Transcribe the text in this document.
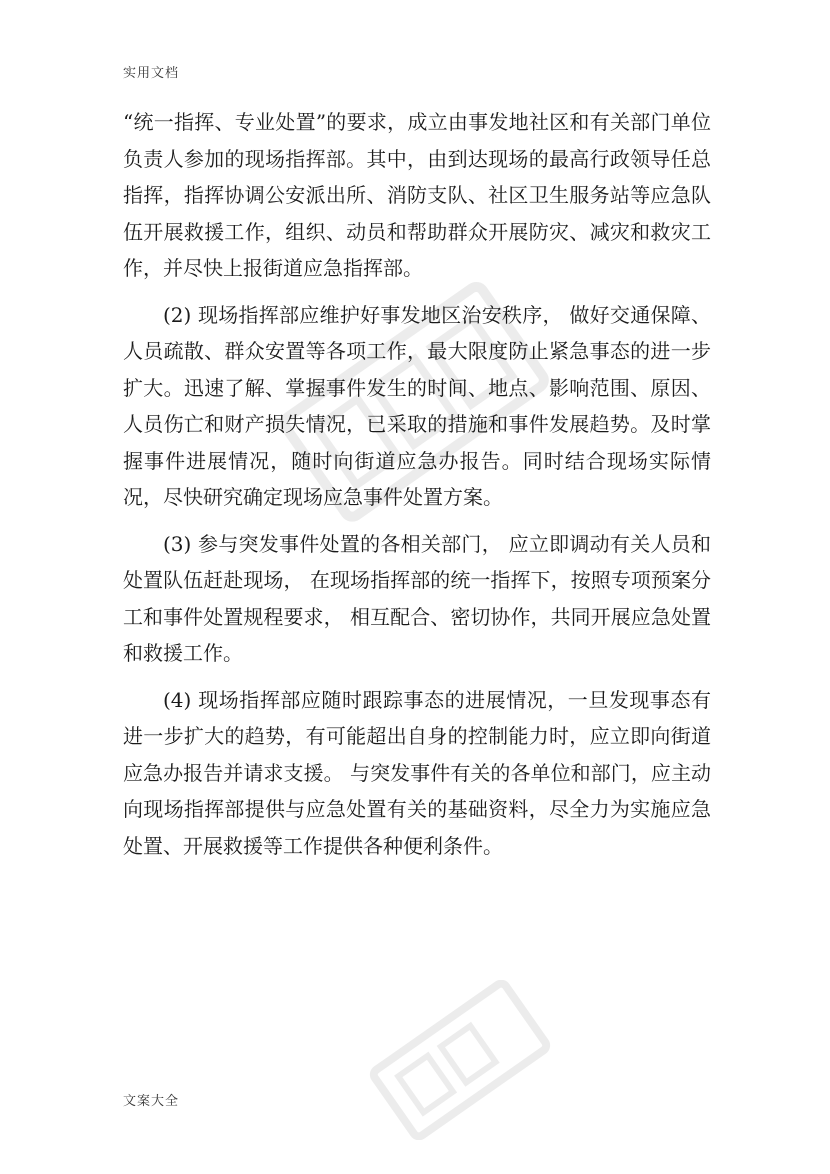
实用文档

“统一指挥、专业处置”的要求，成立由事发地社区和有关部门单位负责人参加的现场指挥部。其中，由到达现场的最高行政领导任总指挥，指挥协调公安派出所、消防支队、社区卫生服务站等应急队伍开展救援工作，组织、动员和帮助群众开展防灾、减灾和救灾工作，并尽快上报街道应急指挥部。

(2) 现场指挥部应维护好事发地区治安秩序， 做好交通保障、人员疏散、群众安置等各项工作，最大限度防止紧急事态的进一步扩大。迅速了解、掌握事件发生的时间、地点、影响范围、原因、人员伤亡和财产损失情况，已采取的措施和事件发展趋势。及时掌握事件进展情况，随时向街道应急办报告。同时结合现场实际情况，尽快研究确定现场应急事件处置方案。

(3) 参与突发事件处置的各相关部门， 应立即调动有关人员和处置队伍赶赴现场， 在现场指挥部的统一指挥下，按照专项预案分工和事件处置规程要求， 相互配合、密切协作，共同开展应急处置和救援工作。

(4) 现场指挥部应随时跟踪事态的进展情况，一旦发现事态有进一步扩大的趋势，有可能超出自身的控制能力时，应立即向街道应急办报告并请求支援。 与突发事件有关的各单位和部门，应主动向现场指挥部提供与应急处置有关的基础资料，尽全力为实施应急处置、开展救援等工作提供各种便利条件。

文案大全
